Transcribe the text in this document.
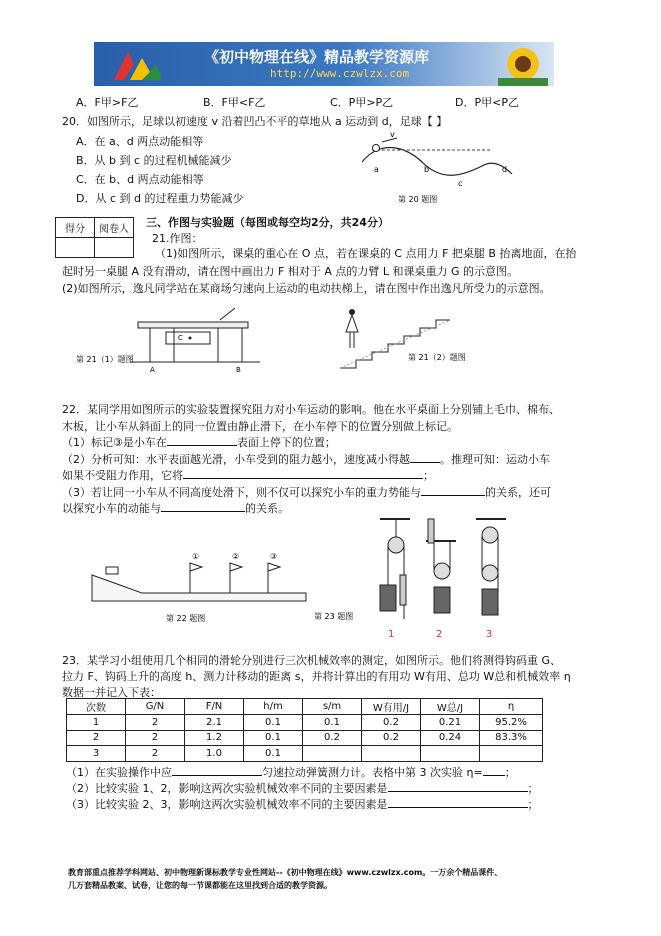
《初中物理在线》精品教学资源库
http://www.czwlzx.com
A．F甲>F乙	B．F甲<F乙	C．P甲>P乙	D．P甲<P乙
20．如图所示，足球以初速度 v 沿着凹凸不平的草地从 a 运动到 d，足球【 】
A．在 a、d 两点动能相等
B．从 b 到 c 的过程机械能减少
C．在 b、d 两点动能相等
D．从 c 到 d 的过程重力势能减少
v
a	b
c
d
第 20 题图
得分	阅卷人

三、作图与实验题（每图或每空均2分，共24分）
21.作图：
（1)如图所示，课桌的重心在 O 点，若在课桌的 C 点用力 F 把桌腿 B 抬离地面，在抬
起时另一桌腿 A 没有滑动，请在图中画出力 F 相对于 A 点的力臂 L 和课桌重力 G 的示意图。
(2)如图所示，逸凡同学站在某商场匀速向上运动的电动扶梯上，请在图中作出逸凡所受力的示意图。
C
A	B
第 21（1）题图	第 21（2）题图
22．某同学用如图所示的实验装置探究阻力对小车运动的影响。他在水平桌面上分别铺上毛巾、棉布、
木板，让小车从斜面上的同一位置由静止滑下，在小车停下的位置分别做上标记。
（1）标记③是小车在	表面上停下的位置；
（2）分析可知：水平表面越光滑，小车受到的阻力越小，速度减小得越	。推理可知：运动小车
如果不受阻力作用，它将	；
（3）若让同一小车从不同高度处滑下，则不仅可以探究小车的重力势能与	的关系，还可
以探究小车的动能与	的关系。
①	②	③
第 22 题图
1	2	3
第 23 题图
23．某学习小组使用几个相同的滑轮分别进行三次机械效率的测定，如图所示。他们将测得钩码重 G、
拉力 F、钩码上升的高度 h、测力计移动的距离 s，并将计算出的有用功 W有用、总功 W总和机械效率 η
数据一并记入下表：
次数	G/N	F/N	h/m	s/m	W有用/J	W总/J	η
1	2	2.1	0.1	0.1	0.2	0.21	95.2%
2	2	1.2	0.1	0.2	0.2	0.24	83.3%
3	2	1.0	0.1				
（1）在实验操作中应	匀速拉动弹簧测力计。表格中第 3 次实验 η= ；
（2）比较实验 1、2，影响这两次实验机械效率不同的主要因素是	；
（3）比较实验 2、3，影响这两次实验机械效率不同的主要因素是	；
教育部重点推荐学科网站、初中物理新课标教学专业性网站--《初中物理在线》www.czwlzx.com。一万余个精品课件、
几万套精品教案、试卷，让您的每一节课都能在这里找到合适的教学资源。
